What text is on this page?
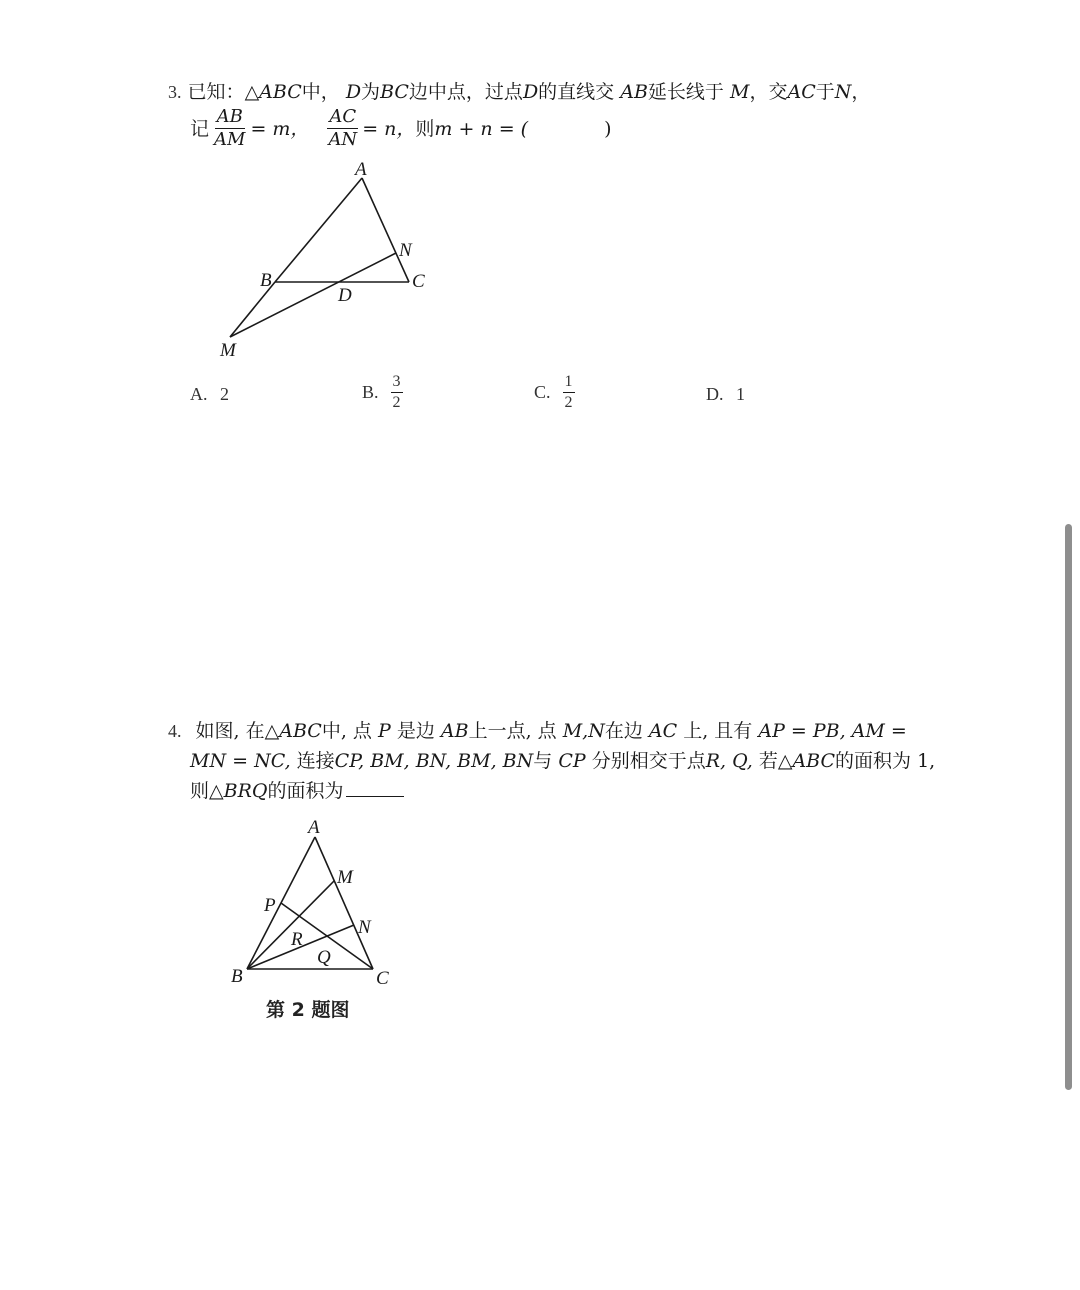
3. 已知：△ABC中， D为BC边中点，过点D的直线交 AB延长线于 M，交AC于N，
记 $\frac{AB}{AM} = m$， $\frac{AC}{AN} = n$， 则 m + n = (	)
A
B	C
D
M
N
A. 2	B. $\frac{3}{2}$	C. $\frac{1}{2}$	D. 1
4. 如图, 在△ABC中, 点 P 是边 AB上一点, 点 M,N在边 AC 上, 且有 AP = PB, AM =
MN = NC, 连接CP, BM, BN, BM, BN与 CP 分别相交于点R, Q, 若△ABC的面积为 1,
则△BRQ的面积为
A
B	C
P
M
N
R
Q
第 2 题图
